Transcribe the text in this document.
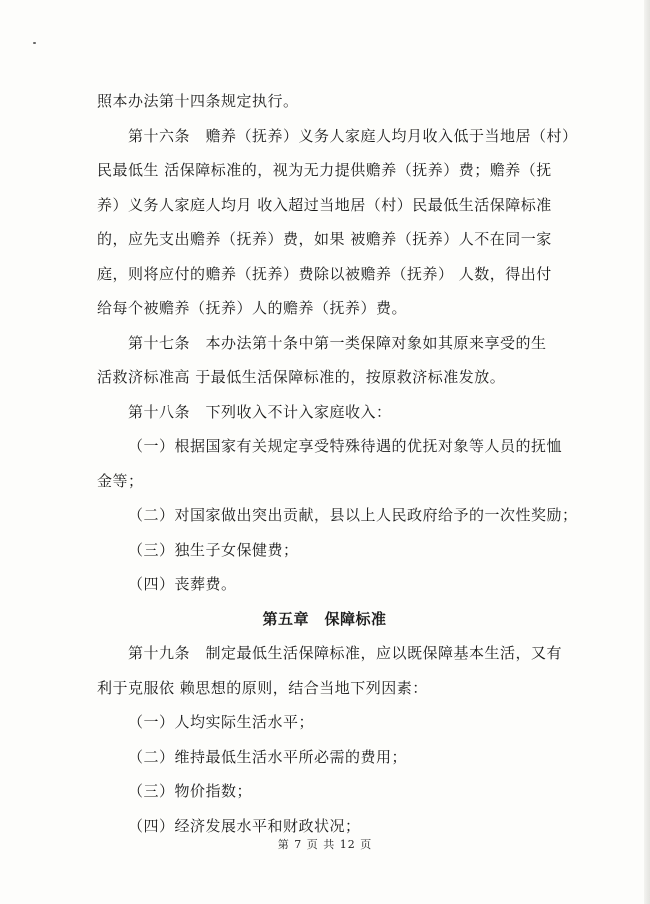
照本办法第十四条规定执行。
第十六条　赡养（抚养）义务人家庭人均月收入低于当地居（村）
民最低生 活保障标准的，视为无力提供赡养（抚养）费；赡养（抚
养）义务人家庭人均月 收入超过当地居（村）民最低生活保障标准
的，应先支出赡养（抚养）费，如果 被赡养（抚养）人不在同一家
庭，则将应付的赡养（抚养）费除以被赡养（抚养） 人数，得出付
给每个被赡养（抚养）人的赡养（抚养）费。
第十七条　本办法第十条中第一类保障对象如其原来享受的生
活救济标准高 于最低生活保障标准的，按原救济标准发放。
第十八条　下列收入不计入家庭收入：
（一）根据国家有关规定享受特殊待遇的优抚对象等人员的抚恤
金等；
（二）对国家做出突出贡献，县以上人民政府给予的一次性奖励；
（三）独生子女保健费；
（四）丧葬费。
第五章　保障标准
第十九条　制定最低生活保障标准，应以既保障基本生活，又有
利于克服依 赖思想的原则，结合当地下列因素：
（一）人均实际生活水平；
（二）维持最低生活水平所必需的费用；
（三）物价指数；
（四）经济发展水平和财政状况；
第 7 页 共 12 页
